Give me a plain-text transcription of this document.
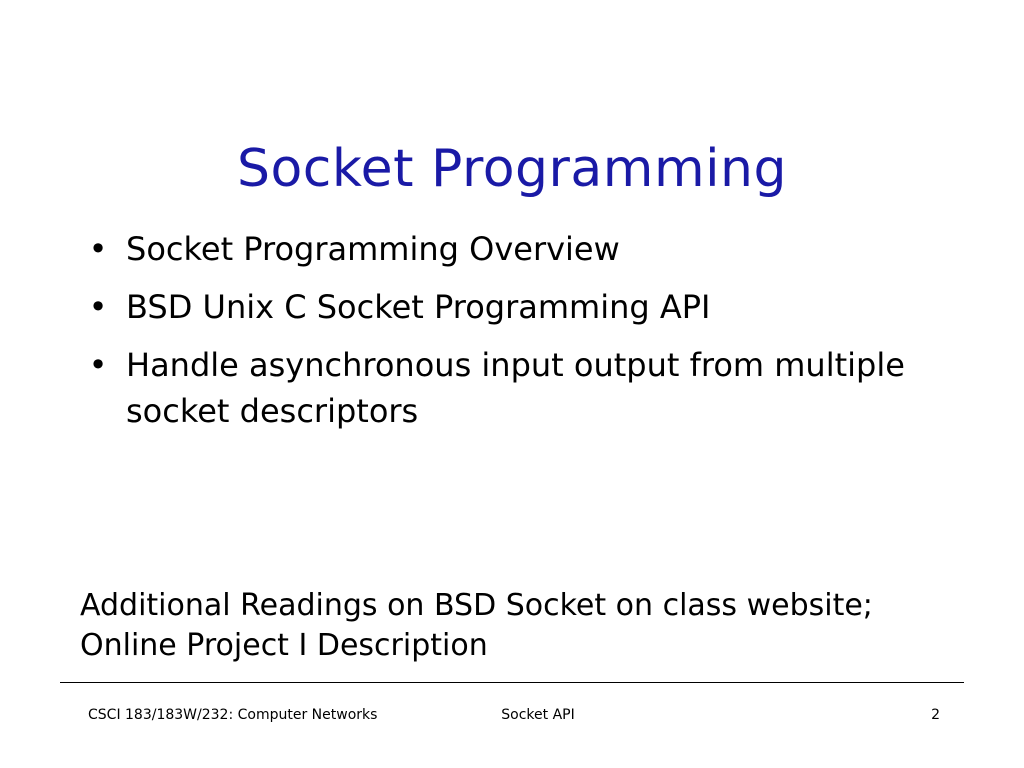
Socket Programming
• Socket Programming Overview
• BSD Unix C Socket Programming API
• Handle asynchronous input output from multiple socket descriptors
Additional Readings on BSD Socket on class website;
Online Project I Description
CSCI 183/183W/232: Computer Networks	Socket API	2
